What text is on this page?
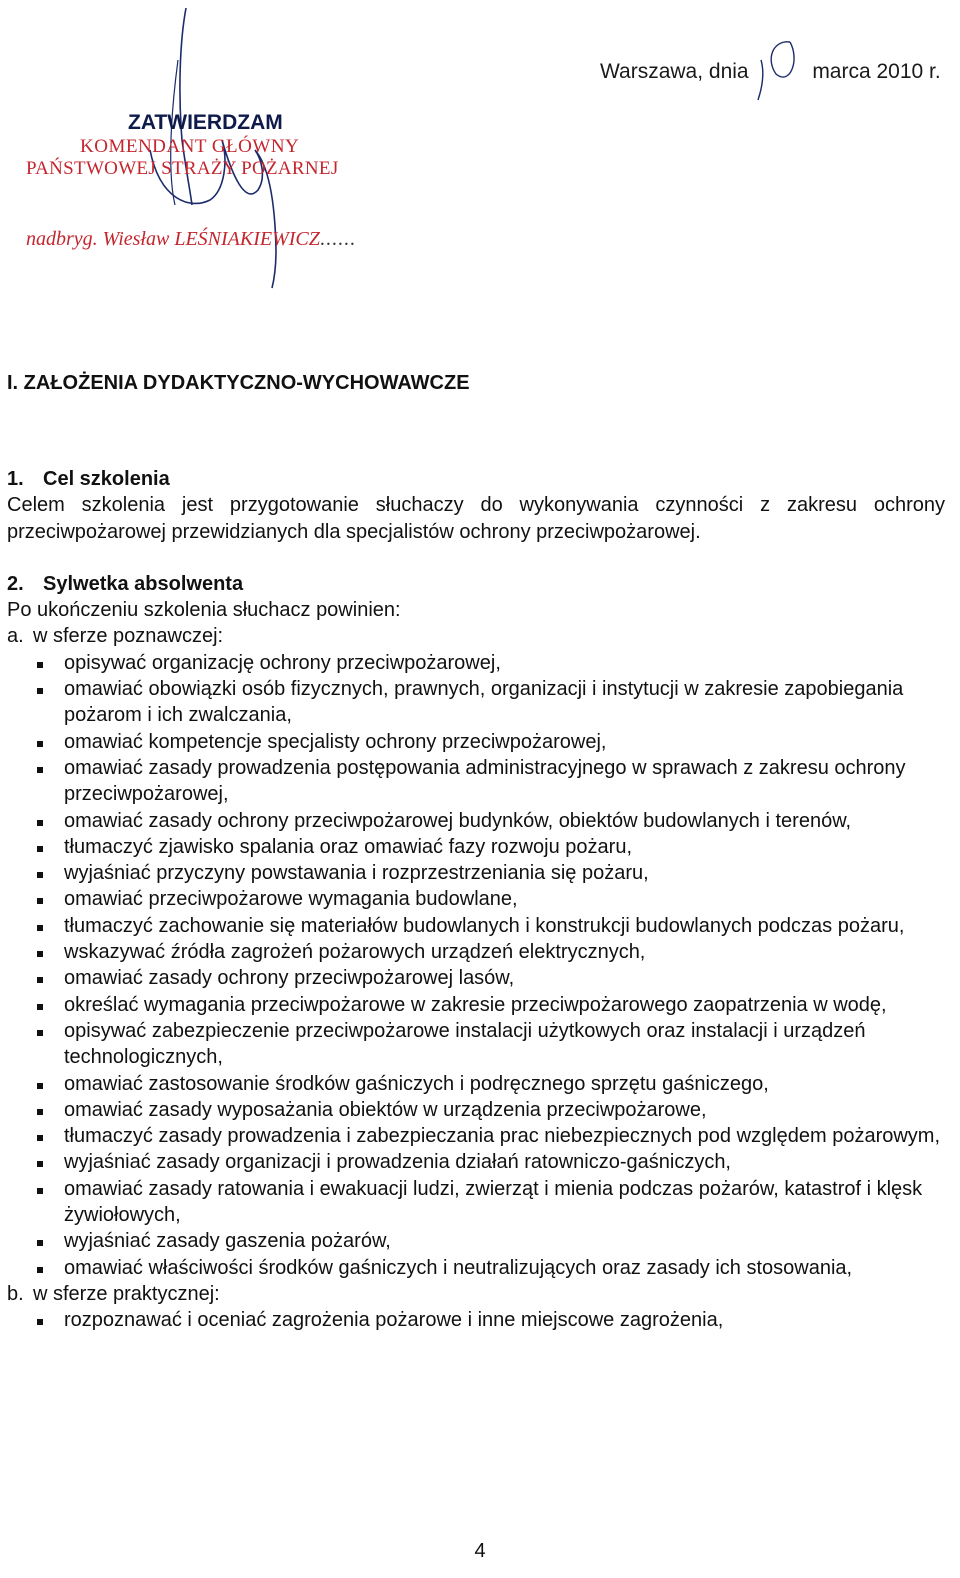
Warszawa, dnia	marca 2010 r.
ZATWIERDZAM
KOMENDANT GŁÓWNY
PAŃSTWOWEJ STRAŻY POŻARNEJ
nadbryg. Wiesław LEŚNIAKIEWICZ......
I. ZAŁOŻENIA DYDAKTYCZNO-WYCHOWAWCZE
1. Cel szkolenia

Celem szkolenia jest przygotowanie słuchaczy do wykonywania czynności z zakresu ochrony przeciwpożarowej przewidzianych dla specjalistów ochrony przeciwpożarowej.

2. Sylwetka absolwenta

Po ukończeniu szkolenia słuchacz powinien:

a. w sferze poznawczej:
opisywać organizację ochrony przeciwpożarowej,
omawiać obowiązki osób fizycznych, prawnych, organizacji i instytucji w zakresie zapobiegania pożarom i ich zwalczania,
omawiać kompetencje specjalisty ochrony przeciwpożarowej,
omawiać zasady prowadzenia postępowania administracyjnego w sprawach z zakresu ochrony przeciwpożarowej,
omawiać zasady ochrony przeciwpożarowej budynków, obiektów budowlanych i terenów,
tłumaczyć zjawisko spalania oraz omawiać fazy rozwoju pożaru,
wyjaśniać przyczyny powstawania i rozprzestrzeniania się pożaru,
omawiać przeciwpożarowe wymagania budowlane,
tłumaczyć zachowanie się materiałów budowlanych i konstrukcji budowlanych podczas pożaru,
wskazywać źródła zagrożeń pożarowych urządzeń elektrycznych,
omawiać zasady ochrony przeciwpożarowej lasów,
określać wymagania przeciwpożarowe w zakresie przeciwpożarowego zaopatrzenia w wodę,
opisywać zabezpieczenie przeciwpożarowe instalacji użytkowych oraz instalacji i urządzeń technologicznych,
omawiać zastosowanie środków gaśniczych i podręcznego sprzętu gaśniczego,
omawiać zasady wyposażania obiektów w urządzenia przeciwpożarowe,
tłumaczyć zasady prowadzenia i zabezpieczania prac niebezpiecznych pod względem pożarowym,
wyjaśniać zasady organizacji i prowadzenia działań ratowniczo-gaśniczych,
omawiać zasady ratowania i ewakuacji ludzi, zwierząt i mienia podczas pożarów, katastrof i klęsk żywiołowych,
wyjaśniać zasady gaszenia pożarów,
omawiać właściwości środków gaśniczych i neutralizujących oraz zasady ich stosowania,
b. w sferze praktycznej:
rozpoznawać i oceniać zagrożenia pożarowe i inne miejscowe zagrożenia,
4
